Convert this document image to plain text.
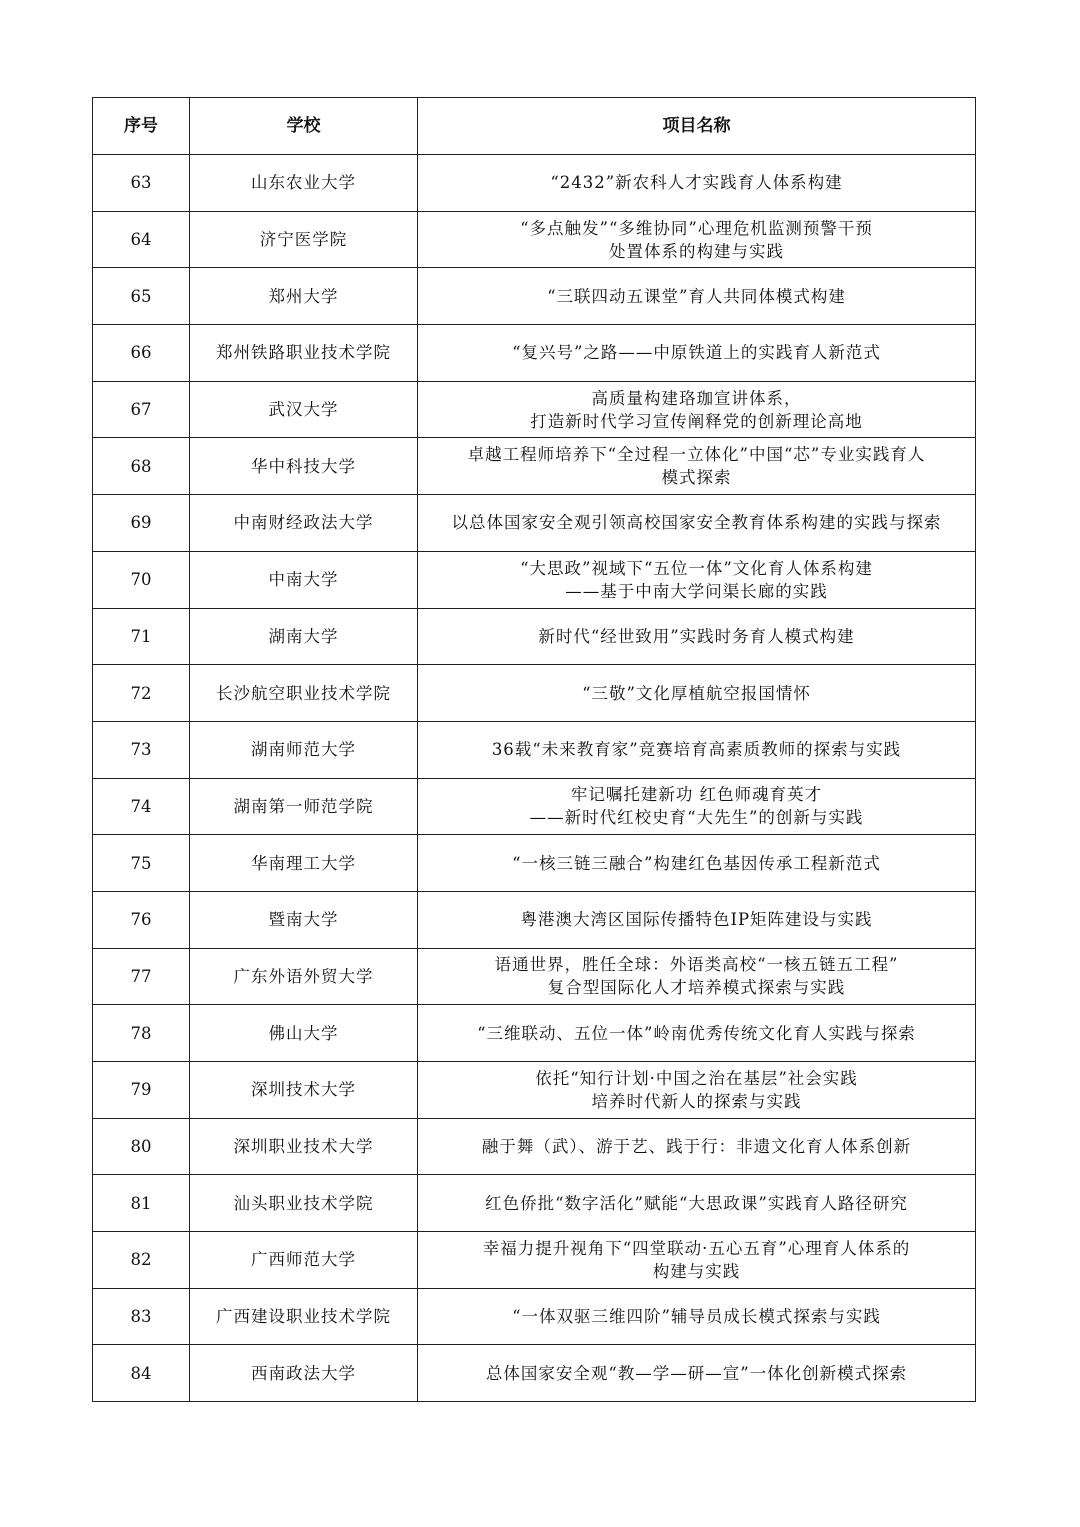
序号	学校	项目名称
63	山东农业大学	“2432”新农科人才实践育人体系构建
64	济宁医学院	“多点触发”“多维协同”心理危机监测预警干预
处置体系的构建与实践
65	郑州大学	“三联四动五课堂”育人共同体模式构建
66	郑州铁路职业技术学院	“复兴号”之路——中原铁道上的实践育人新范式
67	武汉大学	高质量构建珞珈宣讲体系，
打造新时代学习宣传阐释党的创新理论高地
68	华中科技大学	卓越工程师培养下“全过程一立体化”中国“芯”专业实践育人
模式探索
69	中南财经政法大学	以总体国家安全观引领高校国家安全教育体系构建的实践与探索
70	中南大学	“大思政”视域下“五位一体”文化育人体系构建
——基于中南大学问渠长廊的实践
71	湖南大学	新时代“经世致用”实践时务育人模式构建
72	长沙航空职业技术学院	“三敬”文化厚植航空报国情怀
73	湖南师范大学	36载“未来教育家”竞赛培育高素质教师的探索与实践
74	湖南第一师范学院	牢记嘱托建新功 红色师魂育英才
——新时代红校史育“大先生”的创新与实践
75	华南理工大学	“一核三链三融合”构建红色基因传承工程新范式
76	暨南大学	粤港澳大湾区国际传播特色IP矩阵建设与实践
77	广东外语外贸大学	语通世界，胜任全球：外语类高校“一核五链五工程”
复合型国际化人才培养模式探索与实践
78	佛山大学	“三维联动、五位一体”岭南优秀传统文化育人实践与探索
79	深圳技术大学	依托“知行计划·中国之治在基层”社会实践
培养时代新人的探索与实践
80	深圳职业技术大学	融于舞（武）、游于艺、践于行：非遗文化育人体系创新
81	汕头职业技术学院	红色侨批“数字活化”赋能“大思政课”实践育人路径研究
82	广西师范大学	幸福力提升视角下“四堂联动·五心五育”心理育人体系的
构建与实践
83	广西建设职业技术学院	“一体双驱三维四阶”辅导员成长模式探索与实践
84	西南政法大学	总体国家安全观“教—学—研—宣”一体化创新模式探索
